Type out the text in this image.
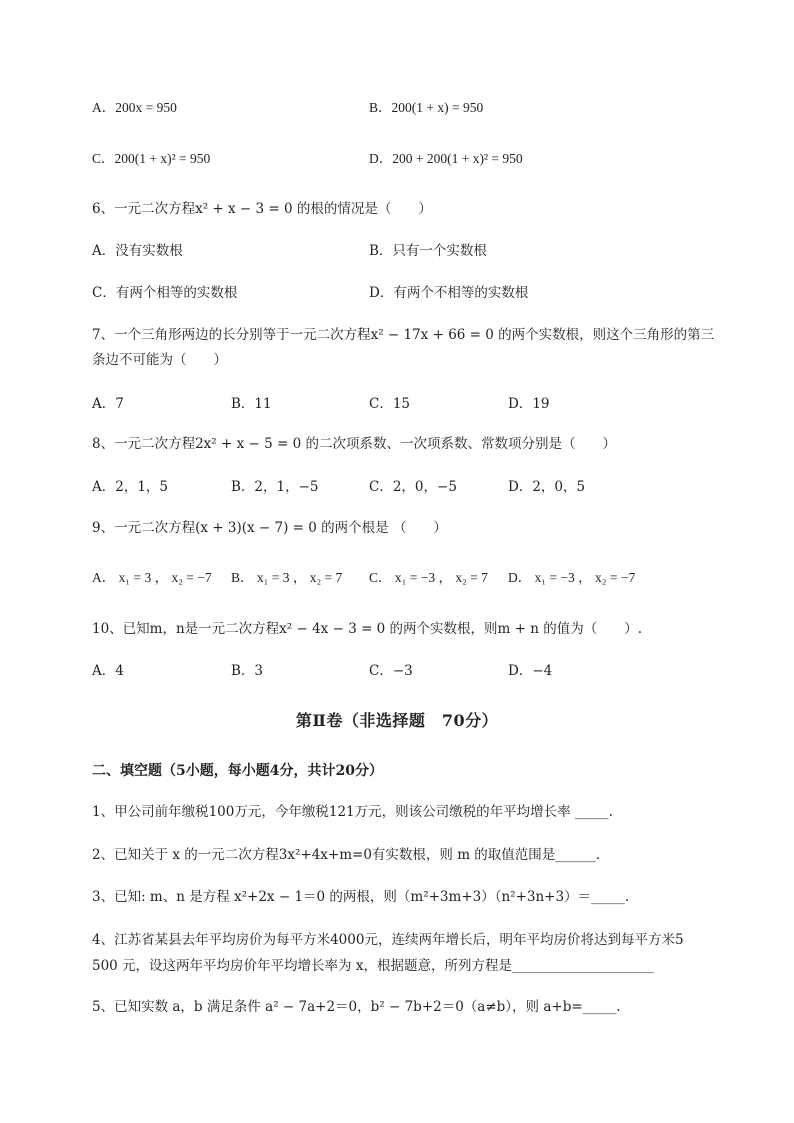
A．200x = 950	B．200(1 + x) = 950
C．200(1 + x)² = 950	D．200 + 200(1 + x)² = 950
6、一元二次方程x² + x − 3 = 0 的根的情况是（　　）
A．没有实数根	B．只有一个实数根
C．有两个相等的实数根	D．有两个不相等的实数根
7、一个三角形两边的长分别等于一元二次方程x² − 17x + 66 = 0 的两个实数根，则这个三角形的第三
条边不可能为（　　）
A．7	B．11	C．15	D．19
8、一元二次方程2x² + x − 5 = 0 的二次项系数、一次项系数、常数项分别是（　　）
A．2，1，5	B．2，1，−5	C．2，0，−5	D．2，0，5
9、一元二次方程(x + 3)(x − 7) = 0 的两个根是 （　　）
A． x₁ = 3 ， x₂ = −7 B． x₁ = 3 ， x₂ = 7 C． x₁ = −3 ， x₂ = 7 D． x₁ = −3 ， x₂ = −7
10、已知m，n是一元二次方程x² − 4x − 3 = 0 的两个实数根，则m + n 的值为（　　）.
A．4	B．3	C．−3	D．−4
第Ⅱ卷（非选择题　70分）
二、填空题（5小题，每小题4分，共计20分）
1、甲公司前年缴税100万元，今年缴税121万元，则该公司缴税的年平均增长率 _____.
2、已知关于 x 的一元二次方程3x²+4x+m=0有实数根，则 m 的取值范围是______.
3、已知: m、n 是方程 x²+2x − 1＝0 的两根，则（m²+3m+3）（n²+3n+3）＝_____.
4、江苏省某县去年平均房价为每平方米4000元，连续两年增长后，明年平均房价将达到每平方米5
500 元，设这两年平均房价年平均增长率为 x，根据题意，所列方程是_____________________
5、已知实数 a，b 满足条件 a² − 7a+2＝0，b² − 7b+2＝0（a≠b），则 a+b=_____.
